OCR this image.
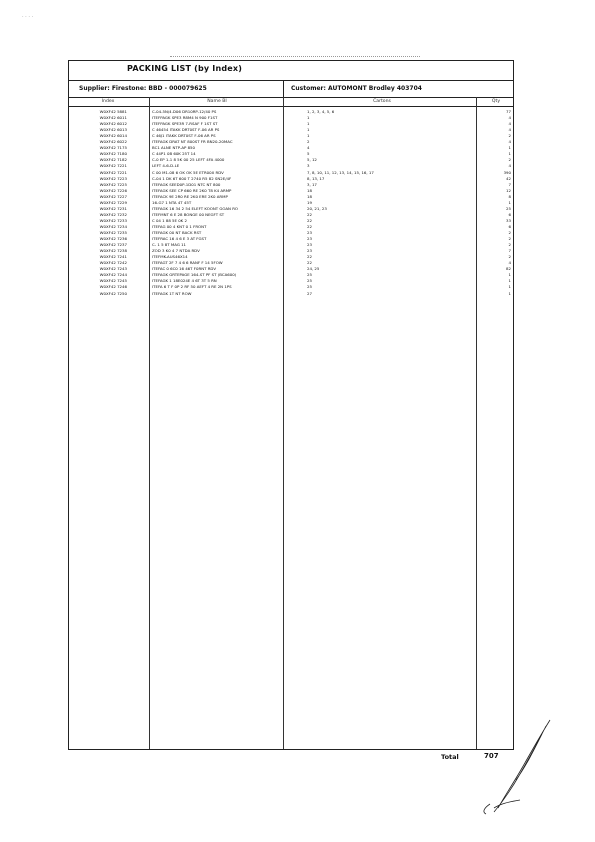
· · · ·
PACKING LIST (by Index)
Supplier: Firestone: BBD - 000079625	Customer: AUTOMONT Brodley 403704
Index	Name BI	Cartons	Qty
W0XF42 5881	C-04-5N/4.D06 DR10RP-12/40 PS	1, 2, 3, 4, 5, 6	77
W0XF42 6011	ITEFPAGK SPE3 R8M4 N 900 F1ST	1	4
W0XF42 6012	ITEFPAGK SPE3R 7-RSAF F 1ST ST	1	4
W0XF42 6013	C 46454 ITAKK DRT0ST F-06 AR PS	1	4
W0XF42 6014	C 46J1 ITAKK DRT0ST F-06 AR PS	1	2
W0XF42 6022	ITEFAGK DRAT NT 800ST FR BN20-20MAC	2	4
W0XF42 7175	BC1 ALNE NTP-AP 850	4	1
W0XF42 7180	C 44P1 0B 60K 25T 14	5	1
W0XF42 7182	C-0 EP 1-1 8 5K 00 25 LEFT 4FA 4000	5, 12	2
W0XF42 7221	LEFT 4-6-D-LE	3	4
W0XF42 7221	C 00 M1-08 6 OK OK 5E ETR00X RDV	7, 8, 10, 11, 12, 13, 14, 15, 16, 17	390
W0XF42 7223	C-04 1 DK 6T 600 T 2740 R5 82 SN2E/4F	8, 13, 17	42
W0XF42 7225	ITEFAGK SEED0P-1D01 NTC NT 800	3, 17	7
W0XF42 7226	ITEFAGK SEE CP 660 RE 2K0 T8 K4 ARMP	18	12
W0XF42 7227	ITEFACK 9E 2R0 RE 2K0 ERE 2K0 ARMP	18	8
W0XF42 7229	16-G7 1 NTA 4T 45T	19	1
W0XF42 7231	ITEFAGK 16 34 2 54 ELEFT KOONT GOAN RO	20, 21, 23	25
W0XF42 7232	ITEFMNT 6 E 28 BONGE 00 NEGFT ST	22	6
W0XF42 7233	C 04 1 88 5E 0K 2	22	33
W0XF42 7234	ITEFAG 00 4 KNT 0 1 FRONT	22	6
W0XF42 7235	ITEFAGK 00 NT BACK RST	23	2
W0XF42 7236	ITEFRAC 16 4 6 E 3 AT FGST	23	2
W0XF42 7237	C- 1 5 8T MAG 11	23	2
W0XF42 7238	ZOD 3 K0 4 7 NTDA RDV	23	7
W0XF42 7241	ITEFMK-AUS46X14	22	2
W0XF42 7242	ITEFAGT 2F 7 4 6 6 RANF F 14 5FOW	22	4
W0XF42 7243	ITEFAC 0 6C0 16 46T F0RNT RDV	24, 25	82
W0XF42 7244	ITEFAGK GRTEPAGE 164-ST PF ST (BCA600)	25	1
W0XF42 7245	ITEFAGK 1 18E024E 4 6T 3T 5 RN	25	1
W0XF42 7246	ITEFA 6 T F 0P 2 RF 50 AEFT 4 RE 2N 1PS	25	1
W0XF42 7250	ITEFAGK 1T NT ROW	27	1
Total	707
